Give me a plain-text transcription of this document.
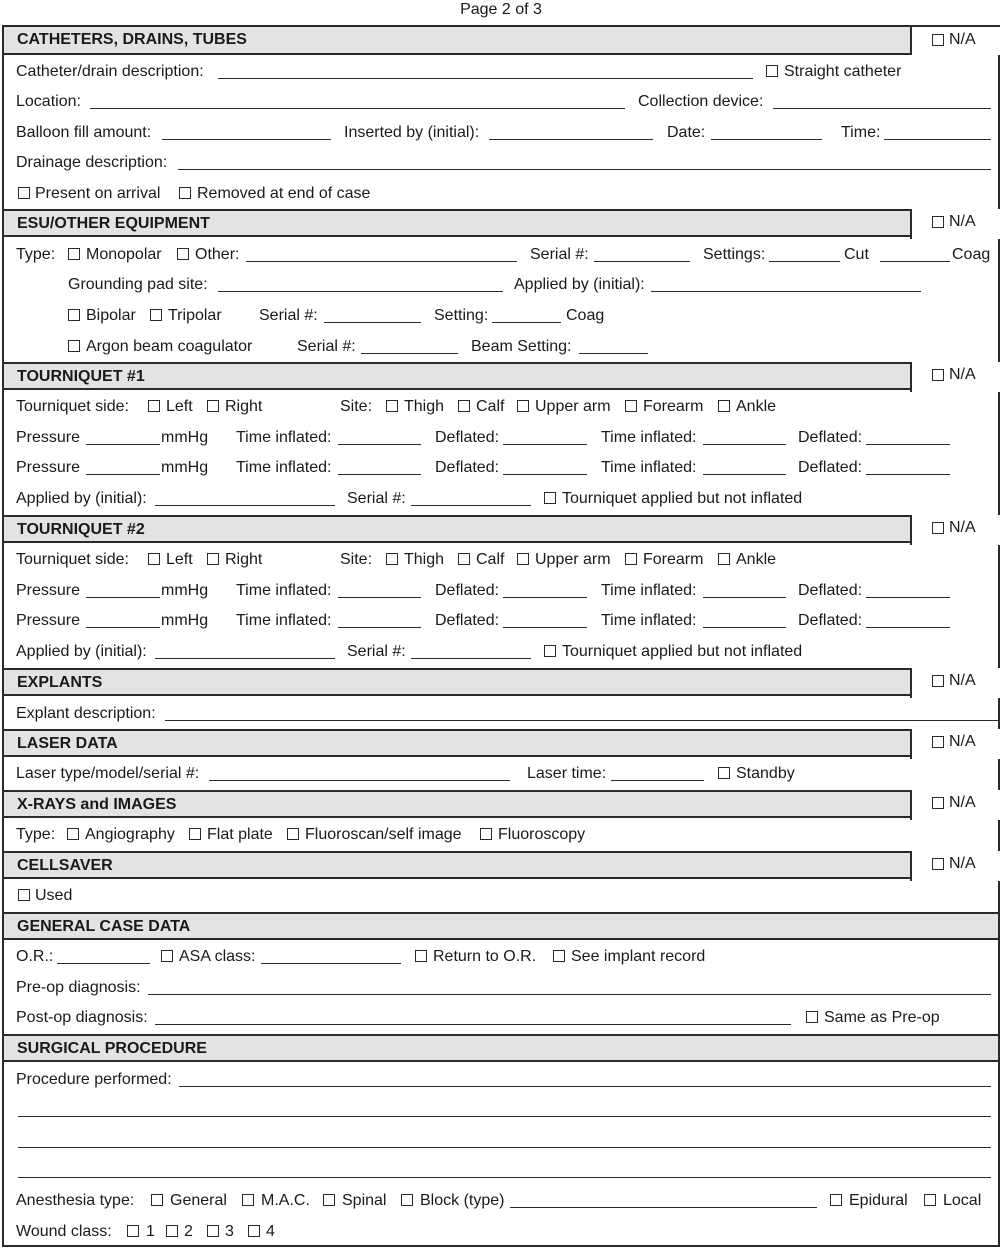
Page 2 of 3
CATHETERS, DRAINS, TUBES	N/A
Catheter/drain description:	Straight catheter
Location:	Collection device:
Balloon fill amount:	Inserted by (initial):	Date:	Time:
Drainage description:
Present on arrival Removed at end of case
ESU/OTHER EQUIPMENT	N/A
Type: Monopolar Other:	Serial #:	Settings:	Cut	Coag
Grounding pad site:	Applied by (initial):
Bipolar Tripolar Serial #:	Setting:	Coag
Argon beam coagulator	Serial #:	Beam Setting:
TOURNIQUET #1	N/A
Tourniquet side: Left Right	Site: Thigh Calf Upper arm Forearm Ankle
Pressure	mmHg Time inflated:	Deflated:	Time inflated:	Deflated:
Pressure	mmHg Time inflated:	Deflated:	Time inflated:	Deflated:
Applied by (initial):	Serial #:	Tourniquet applied but not inflated
TOURNIQUET #2	N/A
Tourniquet side: Left Right	Site: Thigh Calf Upper arm Forearm Ankle
Pressure	mmHg Time inflated:	Deflated:	Time inflated:	Deflated:
Pressure	mmHg Time inflated:	Deflated:	Time inflated:	Deflated:
Applied by (initial):	Serial #:	Tourniquet applied but not inflated
EXPLANTS	N/A
Explant description:
LASER DATA	N/A
Laser type/model/serial #:	Laser time:	Standby
X-RAYS and IMAGES	N/A
Type: Angiography Flat plate Fluoroscan/self image Fluoroscopy
CELLSAVER	N/A
Used
GENERAL CASE DATA
O.R.:	ASA class:	Return to O.R. See implant record
Pre-op diagnosis:
Post-op diagnosis:	Same as Pre-op
SURGICAL PROCEDURE
Procedure performed:
Anesthesia type: General M.A.C. Spinal Block (type)	Epidural Local
Wound class: 1 2 3 4
